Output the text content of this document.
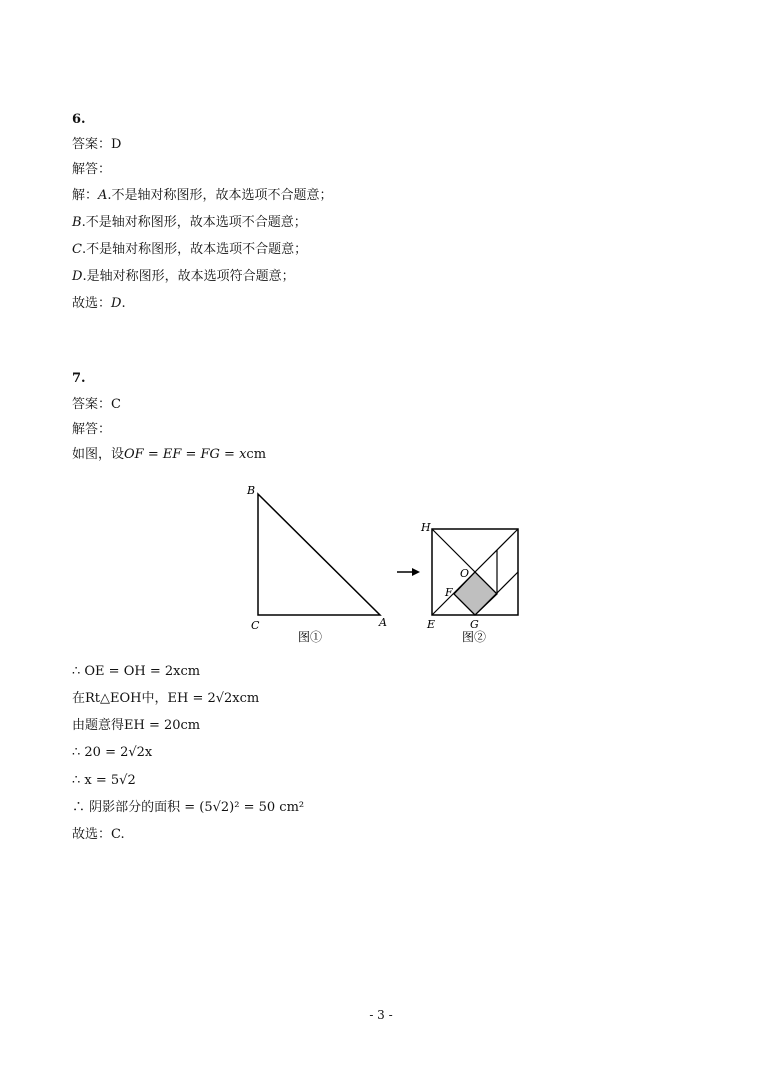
6.
答案：D
解答：
解：A.不是轴对称图形，故本选项不合题意；
B.不是轴对称图形，故本选项不合题意；
C.不是轴对称图形，故本选项不合题意；
D.是轴对称图形，故本选项符合题意；
故选：D.
7.
答案：C
解答：
如图，设OF = EF = FG = xcm
B
C	A
图①
H
O
F
E	G
图②
∴ OE = OH = 2xcm
在Rt△EOH中，EH = 2√2xcm
由题意得EH = 20cm
∴ 20 = 2√2x
∴ x = 5√2
∴ 阴影部分的面积 = (5√2)² = 50 cm²
故选：C.
- 3 -
